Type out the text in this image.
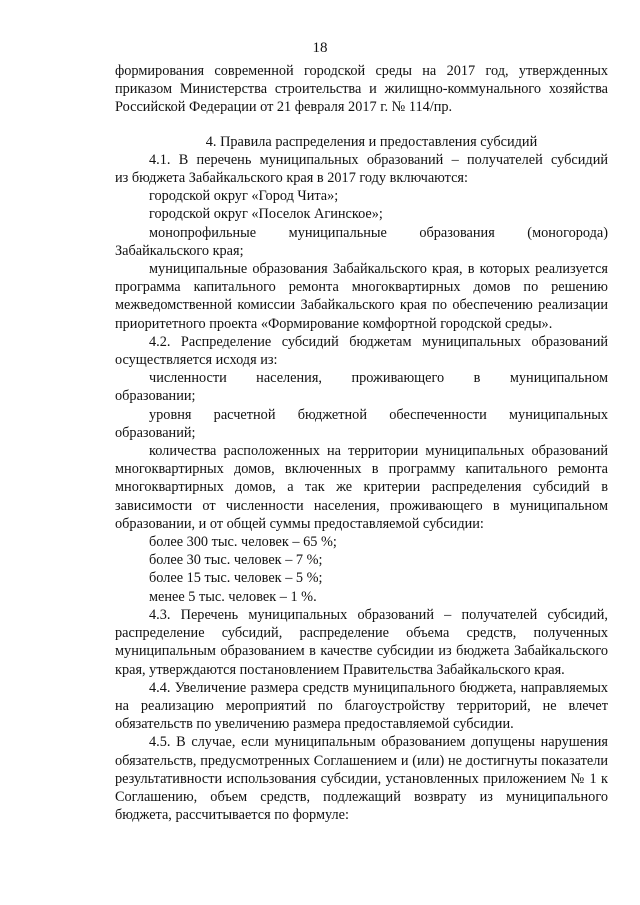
18

формирования современной городской среды на 2017 год, утвержденных

приказом Министерства строительства и жилищно-коммунального хозяйства

Российской Федерации от 21 февраля 2017 г. № 114/пр.

4. Правила распределения и предоставления субсидий

4.1. В перечень муниципальных образований – получателей субсидий

из бюджета Забайкальского края в 2017 году включаются:

городской округ «Город Чита»;

городской округ «Поселок Агинское»;

монопрофильные муниципальные образования (моногорода)

Забайкальского края;

муниципальные образования Забайкальского края, в которых реализуется программа капитального ремонта многоквартирных домов по решению межведомственной комиссии Забайкальского края по обеспечению реализации приоритетного проекта «Формирование комфортной городской среды».

4.2. Распределение субсидий бюджетам муниципальных образований

осуществляется исходя из:

численности населения, проживающего в муниципальном

образовании;

уровня расчетной бюджетной обеспеченности муниципальных

образований;

количества расположенных на территории муниципальных образований многоквартирных домов, включенных в программу капитального ремонта многоквартирных домов, а так же критерии распределения субсидий в зависимости от численности населения, проживающего в муниципальном образовании, и от общей суммы предоставляемой субсидии:

более 300 тыс. человек – 65 %;

более 30 тыс. человек – 7 %;

более 15 тыс. человек – 5 %;

менее 5 тыс. человек – 1 %.

4.3. Перечень муниципальных образований – получателей субсидий, распределение субсидий, распределение объема средств, полученных муниципальным образованием в качестве субсидии из бюджета Забайкальского края, утверждаются постановлением Правительства Забайкальского края.

4.4. Увеличение размера средств муниципального бюджета, направляемых на реализацию мероприятий по благоустройству территорий, не влечет обязательств по увеличению размера предоставляемой субсидии.

4.5. В случае, если муниципальным образованием допущены нарушения обязательств, предусмотренных Соглашением и (или) не достигнуты показатели результативности использования субсидии, установленных приложением № 1 к Соглашению, объем средств, подлежащий возврату из муниципального бюджета, рассчитывается по формуле:
